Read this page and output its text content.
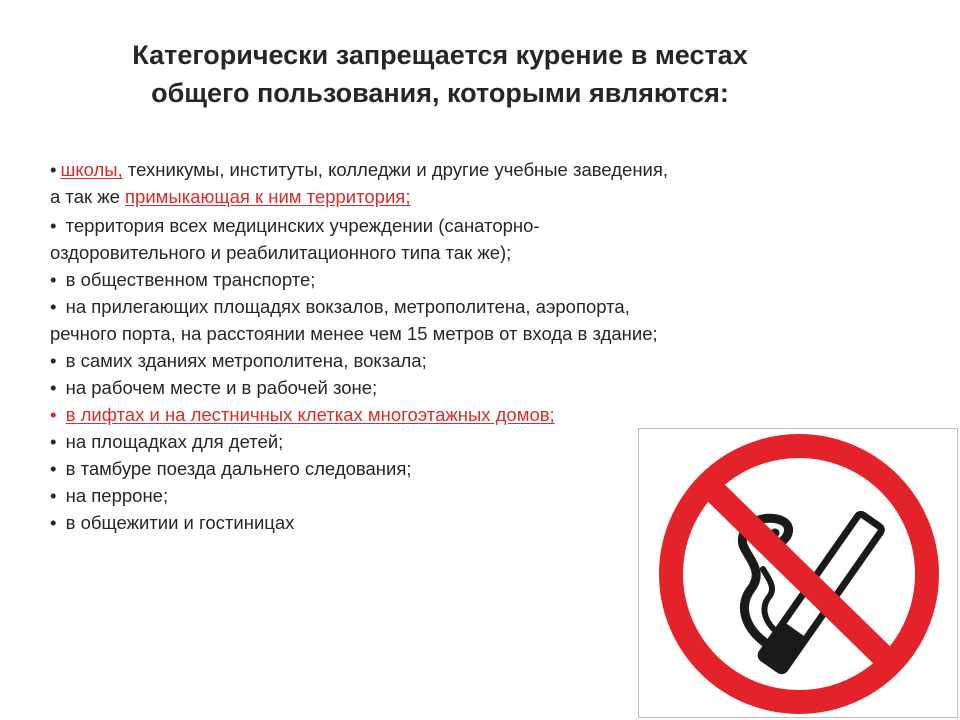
Категорически запрещается курение в местах
общего пользования, которыми являются:
• школы, техникумы, институты, колледжи и другие учебные заведения,
а так же примыкающая к ним территория;
• территория всех медицинских учреждении (санаторно-
оздоровительного и реабилитационного типа так же);
• в общественном транспорте;
• на прилегающих площадях вокзалов, метрополитена, аэропорта,
речного порта, на расстоянии менее чем 15 метров от входа в здание;
• в самих зданиях метрополитена, вокзала;
• на рабочем месте и в рабочей зоне;
• в лифтах и на лестничных клетках многоэтажных домов;
• на площадках для детей;
• в тамбуре поезда дальнего следования;
• на перроне;
• в общежитии и гостиницах
